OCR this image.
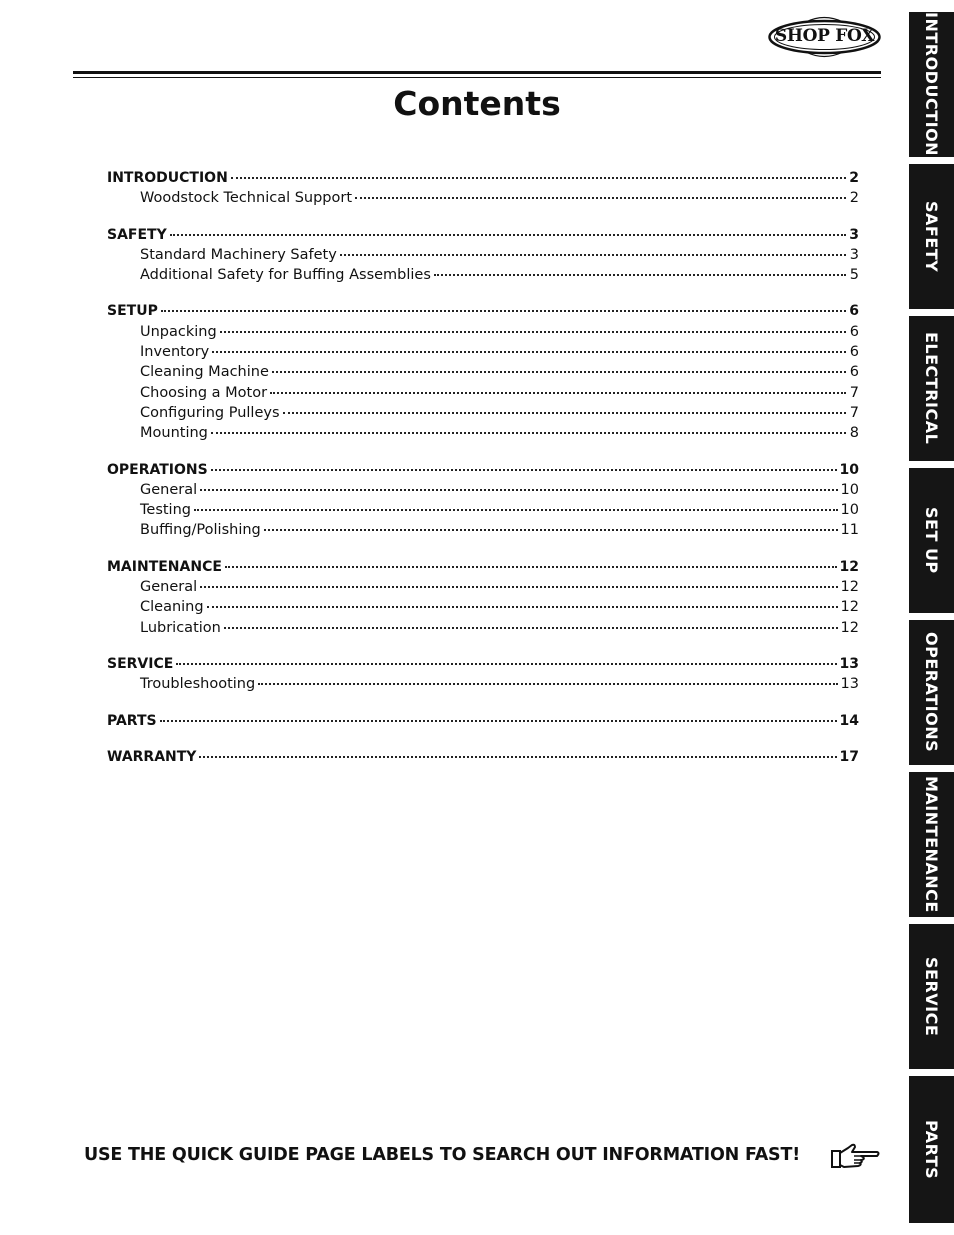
SHOP FOX
Contents
INTRODUCTION	2
Woodstock Technical Support	2
SAFETY	3
Standard Machinery Safety	3
Additional Safety for Buffing Assemblies	5
SETUP	6
Unpacking	6
Inventory	6
Cleaning Machine	6
Choosing a Motor	7
Configuring Pulleys	7
Mounting	8
OPERATIONS	10
General	10
Testing	10
Buffing/Polishing	11
MAINTENANCE	12
General	12
Cleaning	12
Lubrication	12
SERVICE	13
Troubleshooting	13
PARTS	14
WARRANTY	17
INTRODUCTION
SAFETY
ELECTRICAL
SET UP
OPERATIONS
MAINTENANCE
SERVICE
PARTS
USE THE QUICK GUIDE PAGE LABELS TO SEARCH OUT INFORMATION FAST!
